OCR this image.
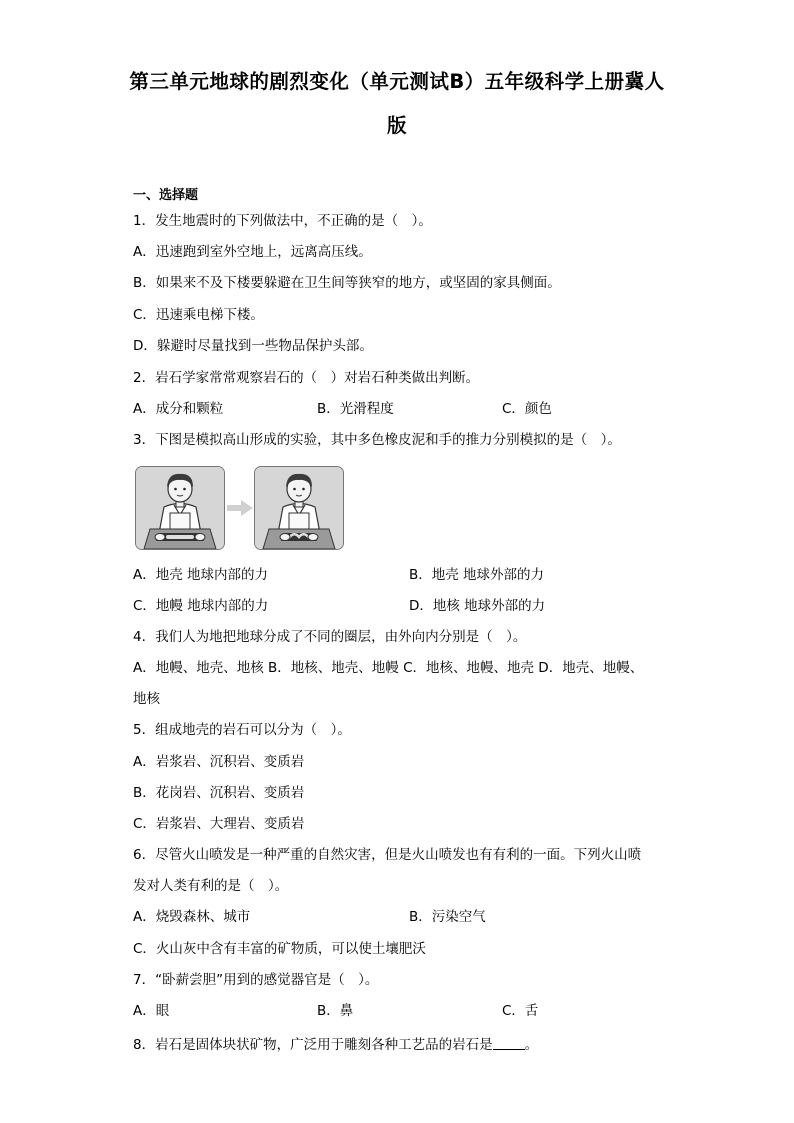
第三单元地球的剧烈变化（单元测试B）五年级科学上册冀人
版
一、选择题
1．发生地震时的下列做法中，不正确的是（　）。
A．迅速跑到室外空地上，远离高压线。
B．如果来不及下楼要躲避在卫生间等狭窄的地方，或坚固的家具侧面。
C．迅速乘电梯下楼。
D．躲避时尽量找到一些物品保护头部。
2．岩石学家常常观察岩石的（　）对岩石种类做出判断。
A．成分和颗粒	B．光滑程度	C．颜色
3．下图是模拟高山形成的实验，其中多色橡皮泥和手的推力分别模拟的是（　）。
A．地壳 地球内部的力	B．地壳 地球外部的力
C．地幔 地球内部的力	D．地核 地球外部的力
4．我们人为地把地球分成了不同的圈层，由外向内分别是（　）。
A．地幔、地壳、地核 B．地核、地壳、地幔 C．地核、地幔、地壳 D．地壳、地幔、
地核
5．组成地壳的岩石可以分为（　）。
A．岩浆岩、沉积岩、变质岩
B．花岗岩、沉积岩、变质岩
C．岩浆岩、大理岩、变质岩
6．尽管火山喷发是一种严重的自然灾害，但是火山喷发也有有利的一面。下列火山喷
发对人类有利的是（　）。
A．烧毁森林、城市	B．污染空气
C．火山灰中含有丰富的矿物质，可以使土壤肥沃
7．“卧薪尝胆”用到的感觉器官是（　）。
A．眼	B．鼻	C．舌
8．岩石是固体块状矿物，广泛用于雕刻各种工艺品的岩石是 。
